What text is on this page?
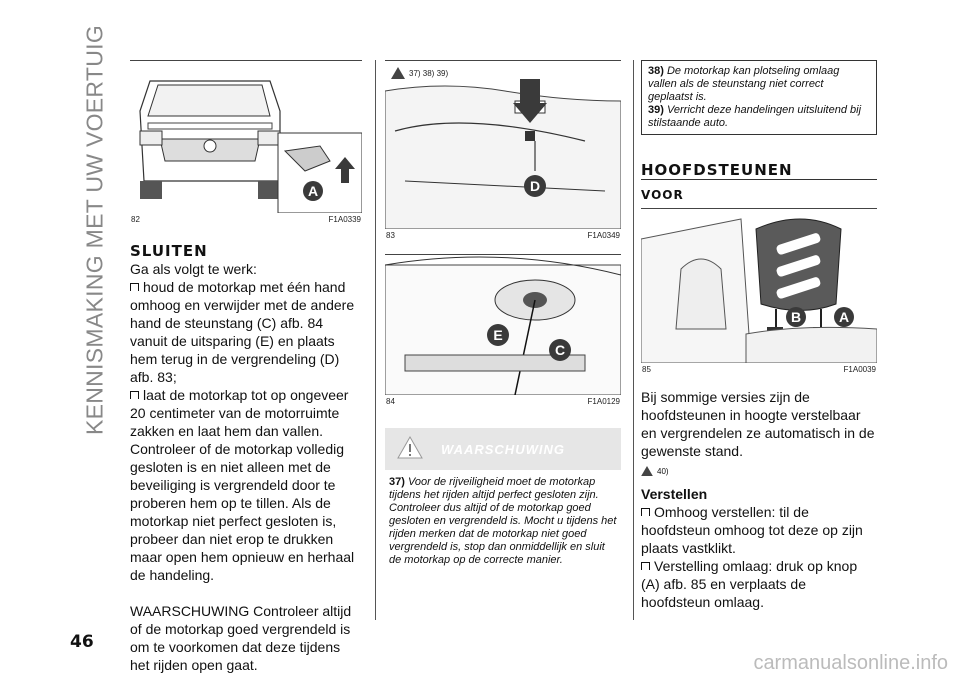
KENNISMAKING MET UW VOERTUIG	A
82	F1A0339

SLUITEN

Ga als volgt te werk:

houd de motorkap met één hand omhoog en verwijder met de andere hand de steunstang (C) afb. 84 vanuit de uitsparing (E) en plaats hem terug in de vergrendeling (D) afb. 83;

laat de motorkap tot op ongeveer 20 centimeter van de motorruimte zakken en laat hem dan vallen. Controleer of de motorkap volledig gesloten is en niet alleen met de beveiliging is vergrendeld door te proberen hem op te tillen. Als de motorkap niet perfect gesloten is, probeer dan niet erop te drukken maar open hem opnieuw en herhaal de handeling.

WAARSCHUWING Controleer altijd of de motorkap goed vergrendeld is om te voorkomen dat deze tijdens het rijden open gaat.

37) 38) 39)
D
83	F1A0349
E
C
84	F1A0129
WAARSCHUWING

37) Voor de rijveiligheid moet de motorkap tijdens het rijden altijd perfect gesloten zijn. Controleer dus altijd of de motorkap goed gesloten en vergrendeld is. Mocht u tijdens het rijden merken dat de motorkap niet goed vergrendeld is, stop dan onmiddellijk en sluit de motorkap op de correcte manier.

38) De motorkap kan plotseling omlaag vallen als de steunstang niet correct geplaatst is.

39) Verricht deze handelingen uitsluitend bij stilstaande auto.

HOOFDSTEUNEN

VOOR

B	A
85	F1A0039

Bij sommige versies zijn de hoofdsteunen in hoogte verstelbaar en vergrendelen ze automatisch in de gewenste stand.

40)

Verstellen

Omhoog verstellen: til de hoofdsteun omhoog tot deze op zijn plaats vastklikt.

Verstelling omlaag: druk op knop (A) afb. 85 en verplaats de hoofdsteun omlaag.

46
carmanualsonline.info
